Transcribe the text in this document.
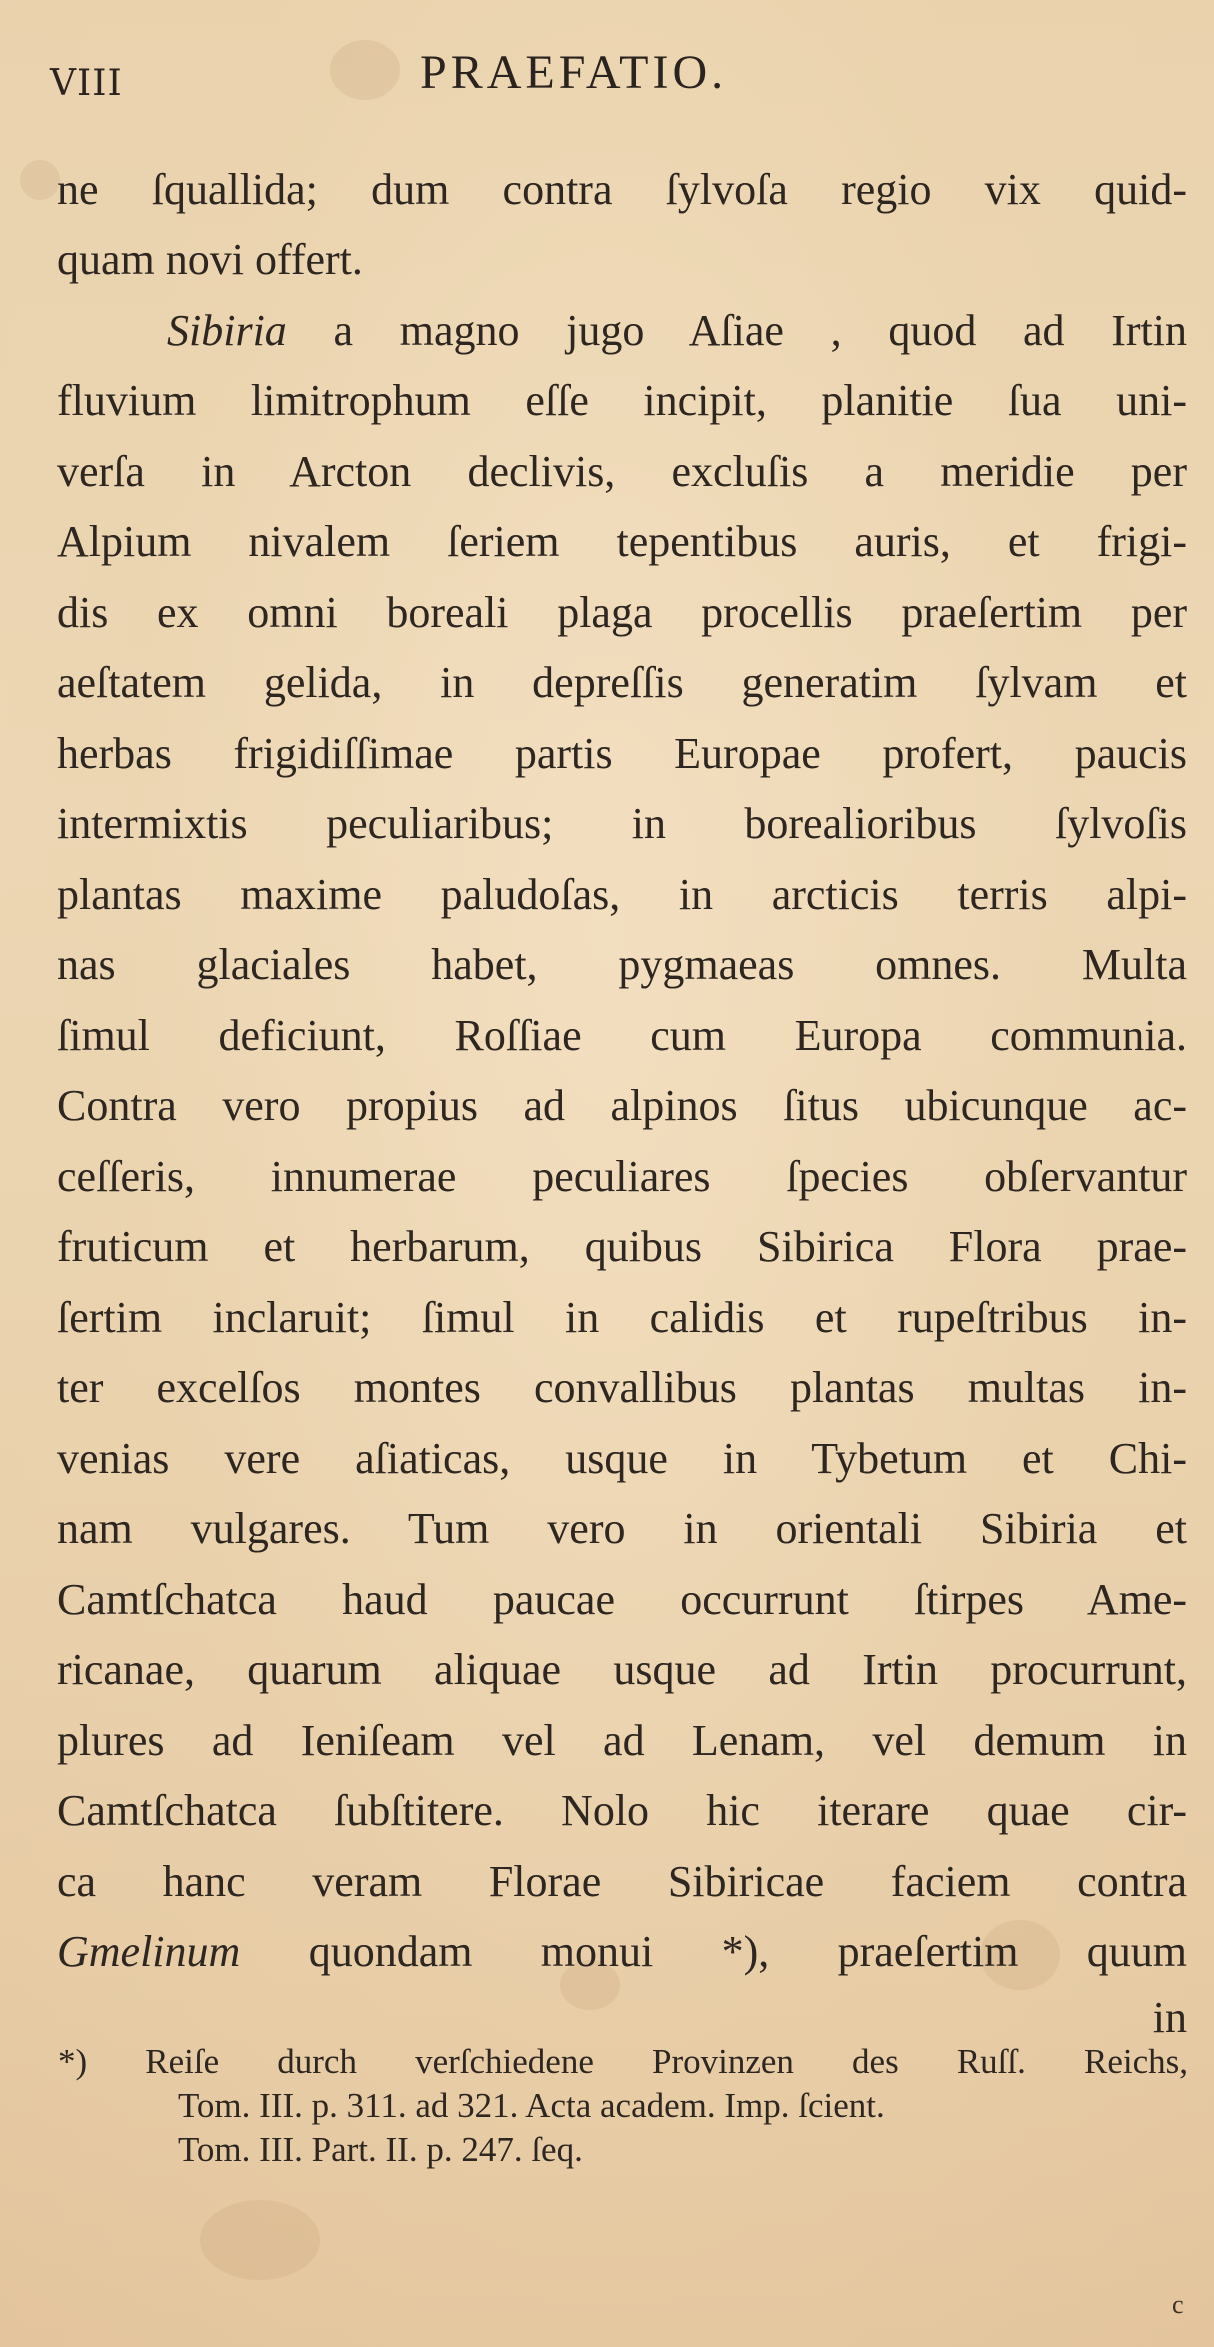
VIII	PRAEFATIO.
ne ſquallida; dum contra ſylvoſa regio vix quid-
quam novi offert.
Sibiria a magno jugo Aſiae , quod ad Irtin
fluvium limitrophum eſſe incipit, planitie ſua uni-
verſa in Arcton declivis, excluſis a meridie per
Alpium nivalem ſeriem tepentibus auris, et frigi-
dis ex omni boreali plaga procellis praeſertim per
aeſtatem gelida, in depreſſis generatim ſylvam et
herbas frigidiſſimae partis Europae profert, paucis
intermixtis peculiaribus; in borealioribus ſylvoſis
plantas maxime paludoſas, in arcticis terris alpi-
nas glaciales habet, pygmaeas omnes. Multa
ſimul deficiunt, Roſſiae cum Europa communia.
Contra vero propius ad alpinos ſitus ubicunque ac-
ceſſeris, innumerae peculiares ſpecies obſervantur
fruticum et herbarum, quibus Sibirica Flora prae-
ſertim inclaruit; ſimul in calidis et rupeſtribus in-
ter excelſos montes convallibus plantas multas in-
venias vere aſiaticas, usque in Tybetum et Chi-
nam vulgares. Tum vero in orientali Sibiria et
Camtſchatca haud paucae occurrunt ſtirpes Ame-
ricanae, quarum aliquae usque ad Irtin procurrunt,
plures ad Ieniſeam vel ad Lenam, vel demum in
Camtſchatca ſubſtitere. Nolo hic iterare quae cir-
ca hanc veram Florae Sibiricae faciem contra
Gmelinum quondam monui *), praeſertim quum
in
*) Reiſe durch verſchiedene Provinzen des Ruſſ. Reichs,
Tom. III. p. 311. ad 321. Acta academ. Imp. ſcient.
Tom. III. Part. II. p. 247. ſeq.
c
